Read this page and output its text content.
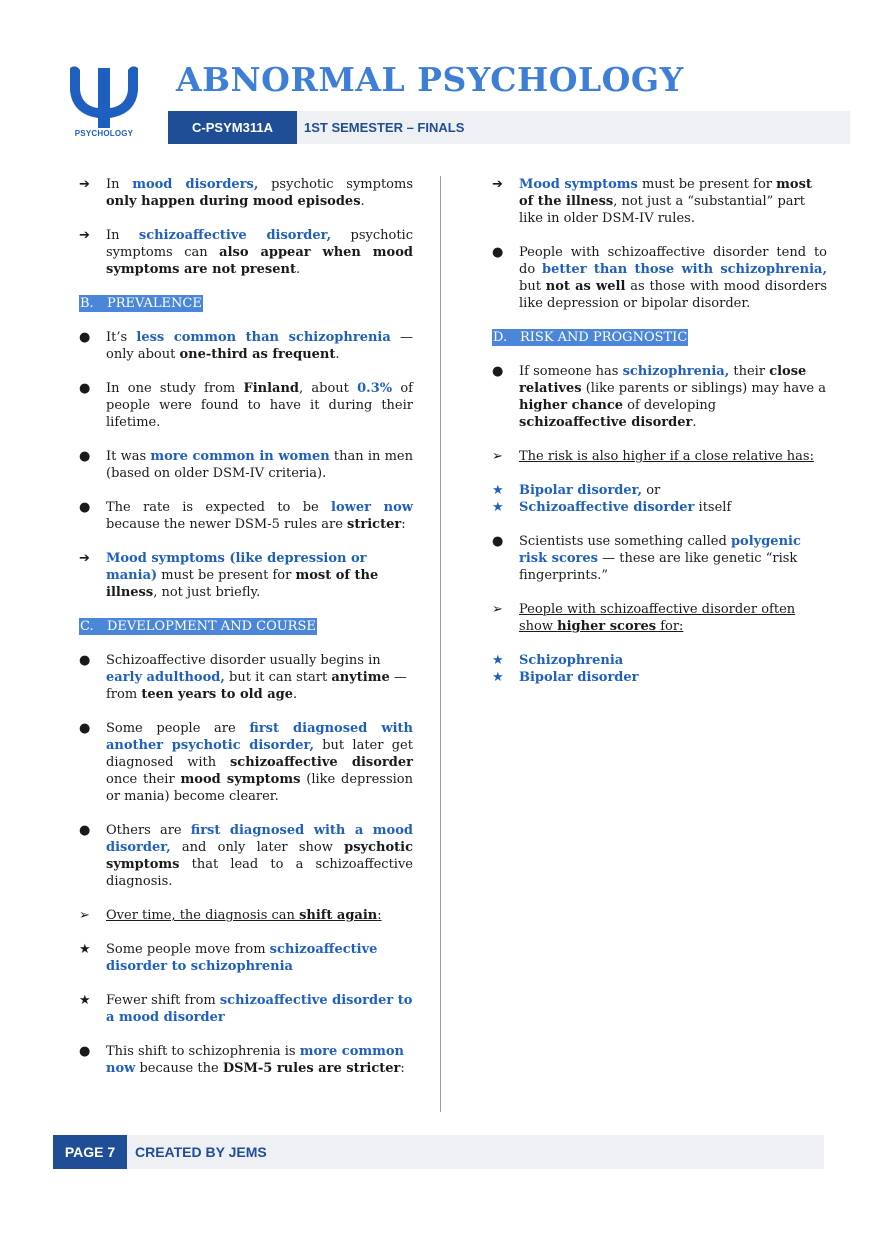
PSYCHOLOGY
ABNORMAL PSYCHOLOGY
C-PSYM311A	1ST SEMESTER – FINALS
➔	In mood disorders, psychotic symptoms only happen during mood episodes.
➔	In schizoaffective disorder, psychotic symptoms can also appear when mood symptoms are not present.
B. PREVALENCE
●	It’s less common than schizophrenia — only about one-third as frequent.
●	In one study from Finland, about 0.3% of people were found to have it during their lifetime.
●	It was more common in women than in men (based on older DSM-IV criteria).
●	The rate is expected to be lower now because the newer DSM-5 rules are stricter:
➔	Mood symptoms (like depression or mania) must be present for most of the illness, not just briefly.
C. DEVELOPMENT AND COURSE
●	Schizoaffective disorder usually begins in early adulthood, but it can start anytime — from teen years to old age.
●	Some people are first diagnosed with another psychotic disorder, but later get diagnosed with schizoaffective disorder once their mood symptoms (like depression or mania) become clearer.
●	Others are first diagnosed with a mood disorder, and only later show psychotic symptoms that lead to a schizoaffective diagnosis.
➢	Over time, the diagnosis can shift again:
★	Some people move from schizoaffective disorder to schizophrenia
★	Fewer shift from schizoaffective disorder to a mood disorder
●	This shift to schizophrenia is more common now because the DSM-5 rules are stricter:
➔	Mood symptoms must be present for most of the illness, not just a “substantial” part like in older DSM-IV rules.
●	People with schizoaffective disorder tend to do better than those with schizophrenia, but not as well as those with mood disorders like depression or bipolar disorder.
D. RISK AND PROGNOSTIC
●	If someone has schizophrenia, their close relatives (like parents or siblings) may have a higher chance of developing schizoaffective disorder.
➢	The risk is also higher if a close relative has:
★	Bipolar disorder, or
★	Schizoaffective disorder itself
●	Scientists use something called polygenic risk scores — these are like genetic “risk fingerprints.”
➢	People with schizoaffective disorder often show higher scores for:
★	Schizophrenia
★	Bipolar disorder
PAGE 7	CREATED BY JEMS
